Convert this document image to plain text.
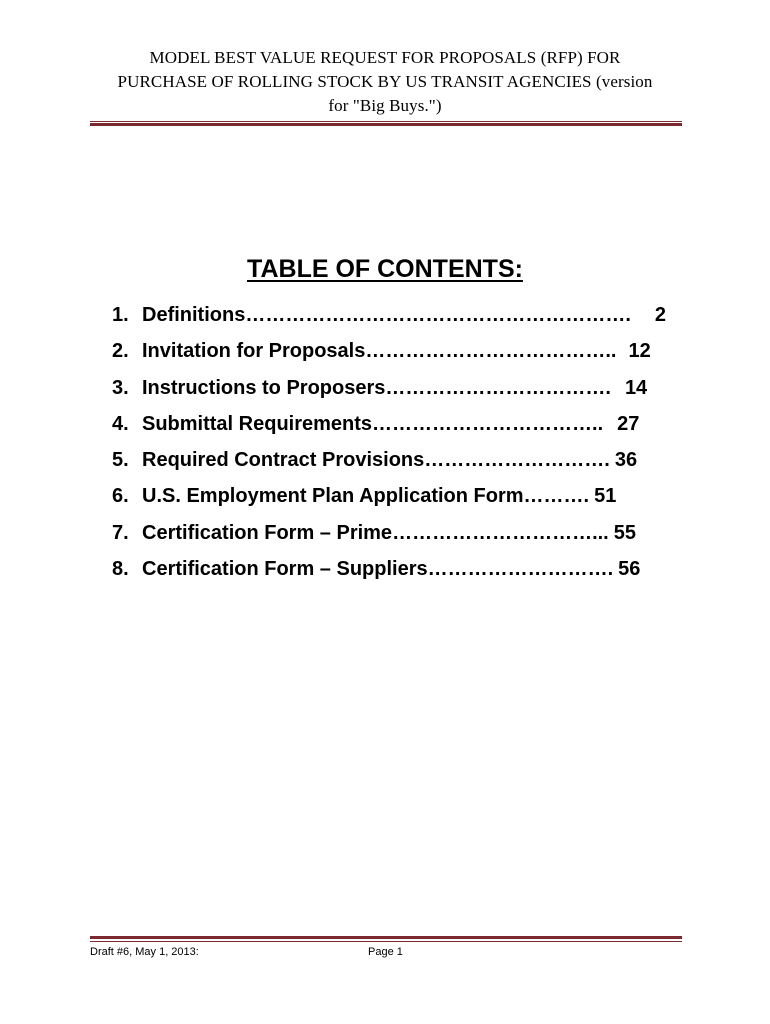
MODEL BEST VALUE REQUEST FOR PROPOSALS (RFP) FOR
PURCHASE OF ROLLING STOCK BY US TRANSIT AGENCIES (version
for "Big Buys.")
TABLE OF CONTENTS:
1. Definitions …………………………………………………. 2
2. Invitation for Proposals ……………………………….. 12
3. Instructions to Proposers ……………………………. 14
4. Submittal Requirements …………………………….. 27
5. Required Contract Provisions ………………………. 36
6. U.S. Employment Plan Application Form ………. 51
7. Certification Form – Prime …………………………... 55
8. Certification Form – Suppliers ………………………. 56
Draft #6, May 1, 2013:	Page 1
